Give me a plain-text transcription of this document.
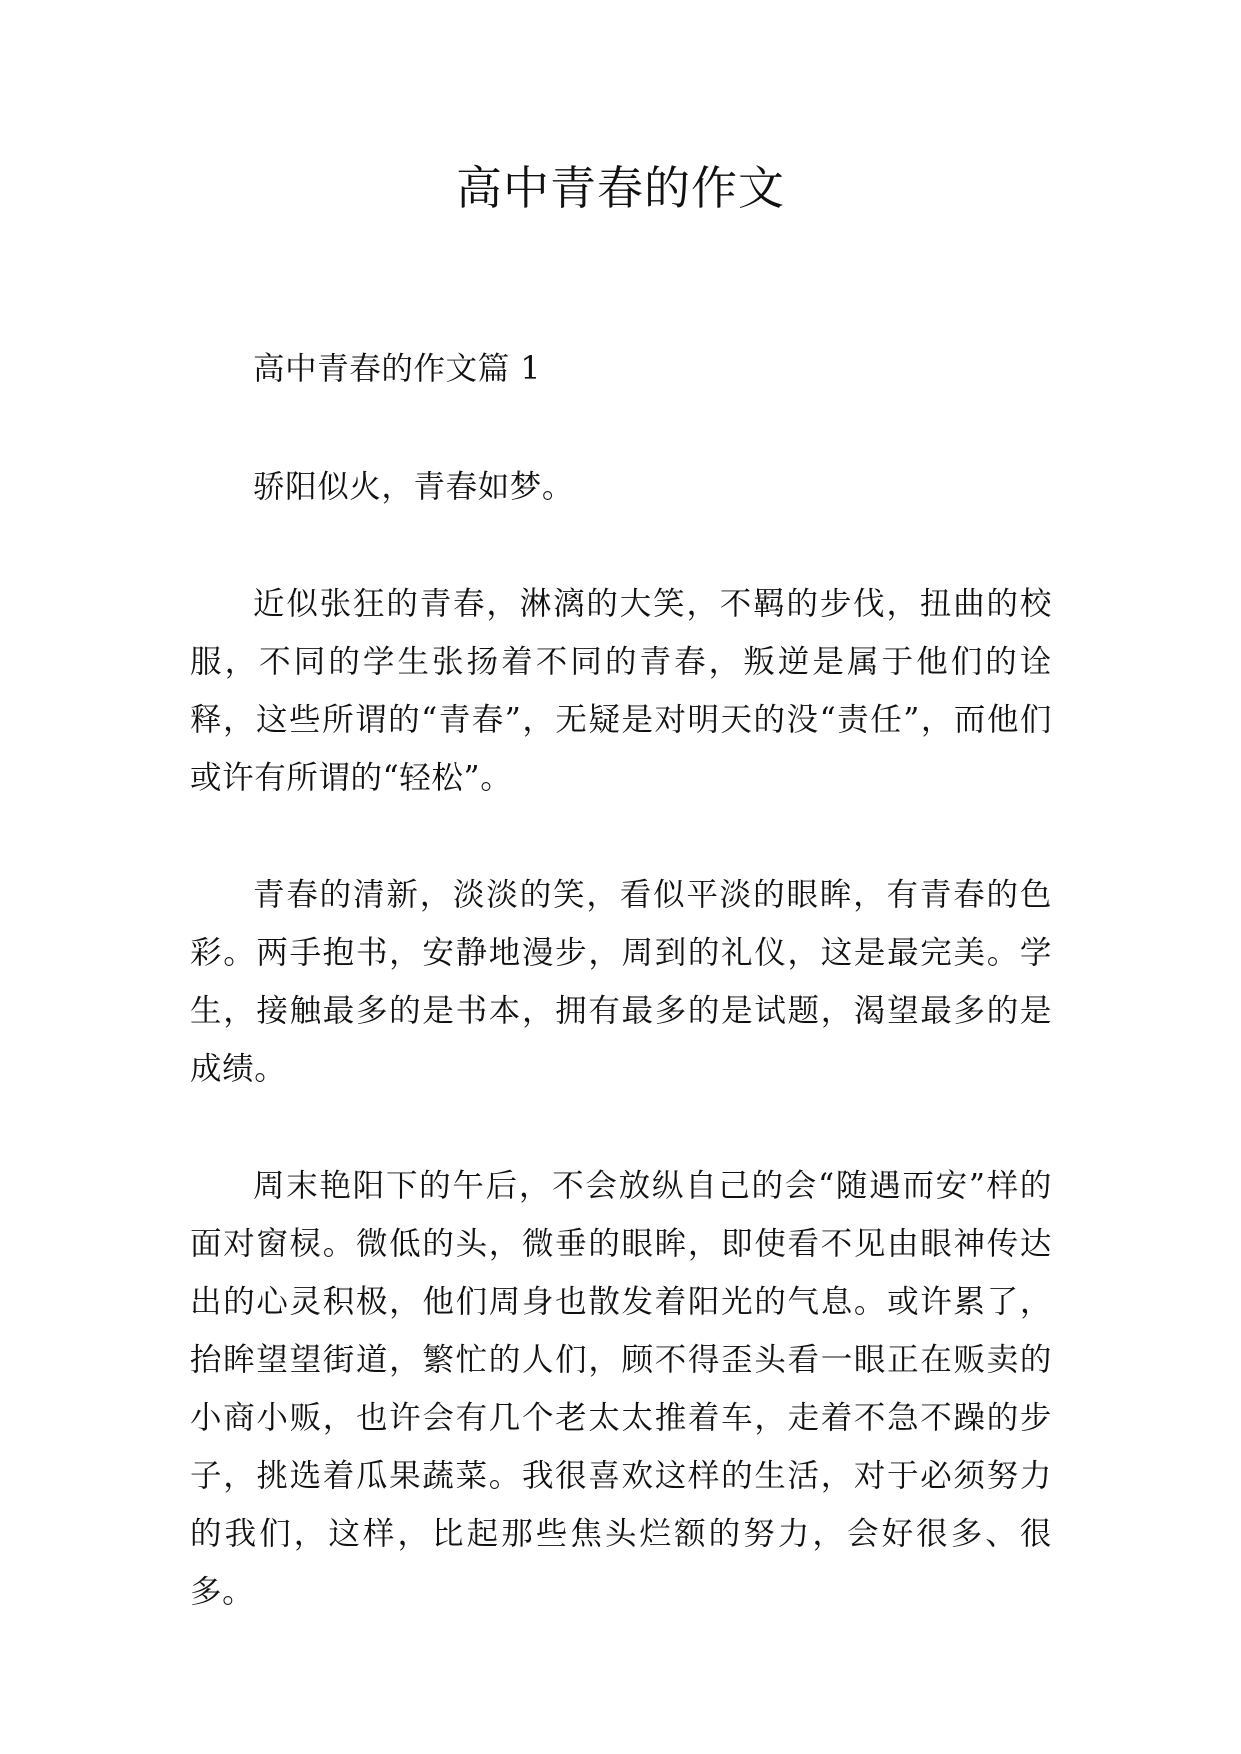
高中青春的作文

高中青春的作文篇 1

骄阳似火，青春如梦。

近似张狂的青春，淋漓的大笑，不羁的步伐，扭曲的校服，不同的学生张扬着不同的青春，叛逆是属于他们的诠释，这些所谓的“青春”，无疑是对明天的没“责任”，而他们或许有所谓的“轻松”。

青春的清新，淡淡的笑，看似平淡的眼眸，有青春的色彩。两手抱书，安静地漫步，周到的礼仪，这是最完美。学生，接触最多的是书本，拥有最多的是试题，渴望最多的是成绩。

周末艳阳下的午后，不会放纵自己的会“随遇而安”样的面对窗棂。微低的头，微垂的眼眸，即使看不见由眼神传达出的心灵积极，他们周身也散发着阳光的气息。或许累了，抬眸望望街道，繁忙的人们，顾不得歪头看一眼正在贩卖的小商小贩，也许会有几个老太太推着车，走着不急不躁的步子，挑选着瓜果蔬菜。我很喜欢这样的生活，对于必须努力的我们，这样，比起那些焦头烂额的努力，会好很多、很多。
